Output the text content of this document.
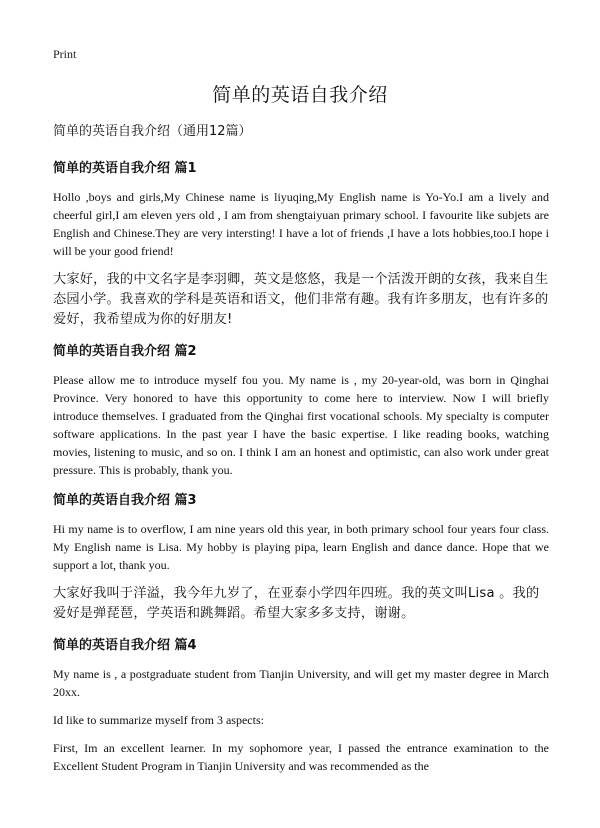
Print
简单的英语自我介绍
简单的英语自我介绍（通用12篇）
简单的英语自我介绍 篇1

Hollo ,boys and girls,My Chinese name is liyuqing,My English name is Yo-Yo.I am a lively and cheerful girl,I am eleven yers old , I am from shengtaiyuan primary school. I favourite like subjets are English and Chinese.They are very intersting! I have a lot of friends ,I have a lots hobbies,too.I hope i will be your good friend!

大家好，我的中文名字是李羽卿，英文是悠悠，我是一个活泼开朗的女孩，我来自生态园小学。我喜欢的学科是英语和语文，他们非常有趣。我有许多朋友，也有许多的爱好，我希望成为你的好朋友!

简单的英语自我介绍 篇2

Please allow me to introduce myself fou you. My name is , my 20-year-old, was born in Qinghai Province. Very honored to have this opportunity to come here to interview. Now I will briefly introduce themselves. I graduated from the Qinghai first vocational schools. My specialty is computer software applications. In the past year I have the basic expertise. I like reading books, watching movies, listening to music, and so on. I think I am an honest and optimistic, can also work under great pressure. This is probably, thank you.

简单的英语自我介绍 篇3

Hi my name is to overflow, I am nine years old this year, in both primary school four years four class. My English name is Lisa. My hobby is playing pipa, learn English and dance dance. Hope that we support a lot, thank you.

大家好我叫于洋溢，我今年九岁了，在亚泰小学四年四班。我的英文叫Lisa 。我的爱好是弹琵琶，学英语和跳舞蹈。希望大家多多支持，谢谢。

简单的英语自我介绍 篇4

My name is , a postgraduate student from Tianjin University, and will get my master degree in March 20xx.

Id like to summarize myself from 3 aspects:

First, Im an excellent learner. In my sophomore year, I passed the entrance examination to the Excellent Student Program in Tianjin University and was recommended as the
